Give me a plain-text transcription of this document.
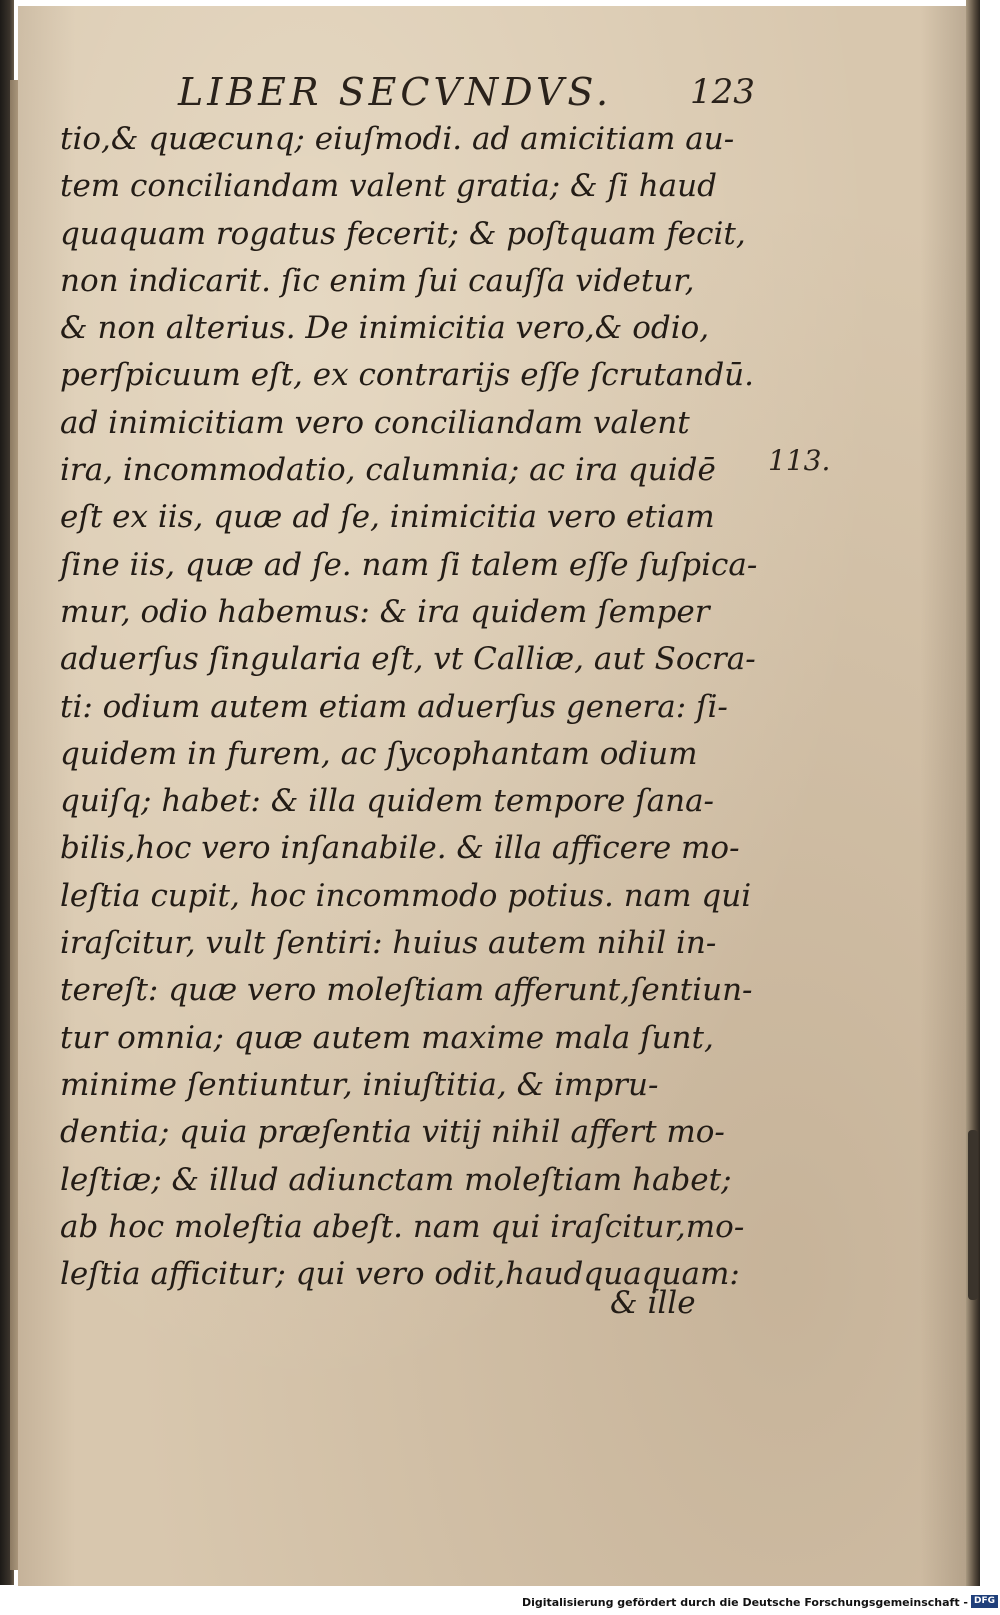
LIBER SECVNDVS. 123
113.
tio,& quæcunq; eiuſmodi. ad amicitiam au-
tem conciliandam valent gratia; & ſi haud
quaquam rogatus fecerit; & poſtquam fecit,
non indicarit. ſic enim ſui cauſſa videtur,
& non alterius. De inimicitia vero,& odio,
perſpicuum eſt, ex contrarijs eſſe ſcrutandū.
ad inimicitiam vero conciliandam valent
ira, incommodatio, calumnia; ac ira quidē
eſt ex iis, quæ ad ſe, inimicitia vero etiam
ſine iis, quæ ad ſe. nam ſi talem eſſe ſuſpica-
mur, odio habemus: & ira quidem ſemper
aduerſus ſingularia eſt, vt Calliæ, aut Socra-
ti: odium autem etiam aduerſus genera: ſi-
quidem in furem, ac ſycophantam odium
quiſq; habet: & illa quidem tempore ſana-
bilis,hoc vero inſanabile. & illa afficere mo-
leſtia cupit, hoc incommodo potius. nam qui
iraſcitur, vult ſentiri: huius autem nihil in-
tereſt: quæ vero moleſtiam afferunt,ſentiun-
tur omnia; quæ autem maxime mala ſunt,
minime ſentiuntur, iniuſtitia, & impru-
dentia; quia præſentia vitij nihil affert mo-
leſtiæ; & illud adiunctam moleſtiam habet;
ab hoc moleſtia abeſt. nam qui iraſcitur,mo-
leſtia afficitur; qui vero odit,haudquaquam:
& ille
Digitalisierung gefördert durch die Deutsche Forschungsgemeinschaft - DFG
